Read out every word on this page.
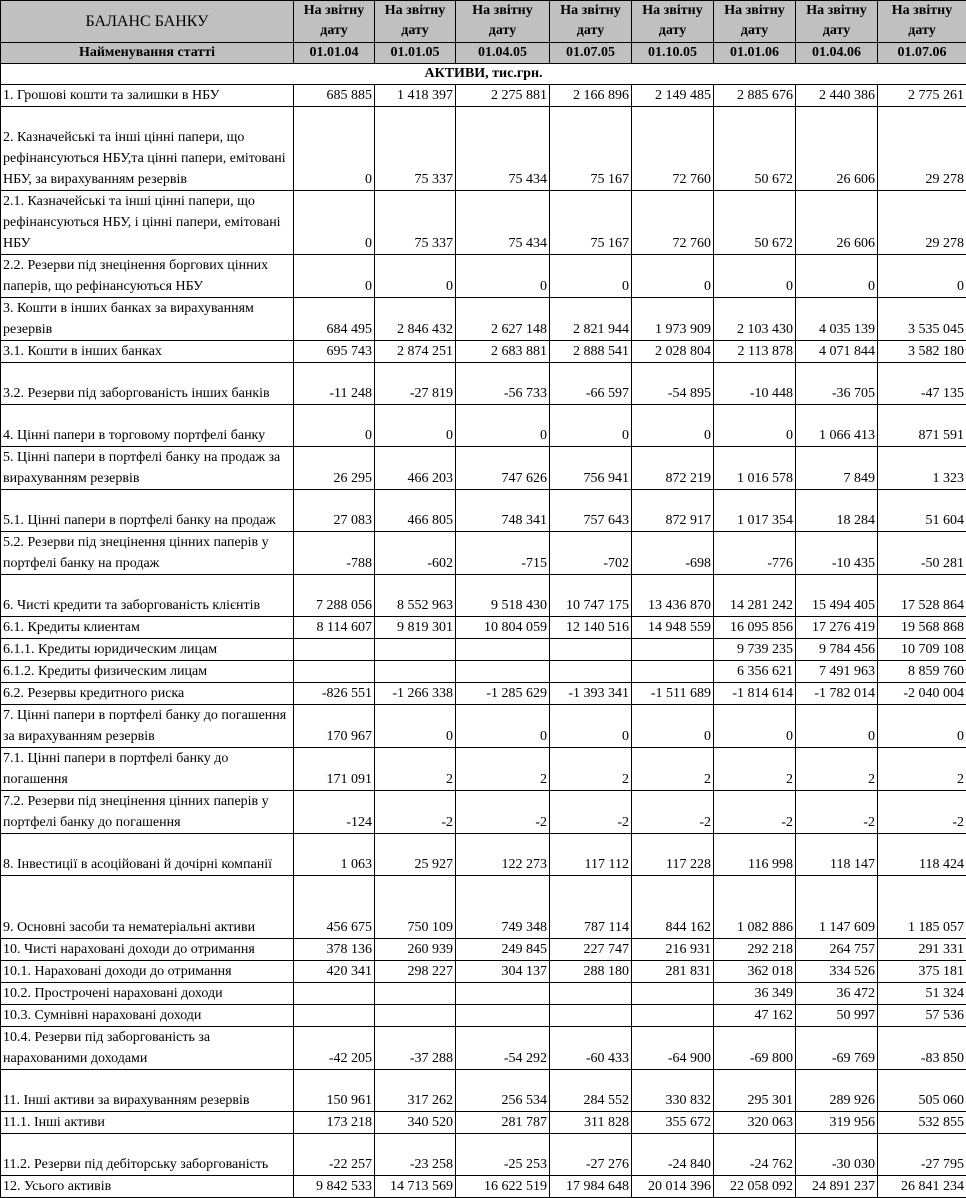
БАЛАНС БАНКУ	На звітну дату	На звітну дату	На звітну дату	На звітну дату	На звітну дату	На звітну дату	На звітну дату	На звітну дату
Найменування статті	01.01.04	01.01.05	01.04.05	01.07.05	01.10.05	01.01.06	01.04.06	01.07.06
АКТИВИ, тис.грн.								
1. Грошові кошти та залишки в НБУ	685 885	1 418 397	2 275 881	2 166 896	2 149 485	2 885 676	2 440 386	2 775 261
2. Казначейські та інші цінні папери, що рефінансуються НБУ,та цінні папери, емітовані НБУ, за вирахуванням резервів	0	75 337	75 434	75 167	72 760	50 672	26 606	29 278
2.1. Казначейські та інші цінні папери, що рефінансуються НБУ, і цінні папери, емітовані НБУ	0	75 337	75 434	75 167	72 760	50 672	26 606	29 278
2.2. Резерви під знецінення боргових цінних паперів, що рефінансуються НБУ	0	0	0	0	0	0	0	0
3. Кошти в інших банках за вирахуванням резервів	684 495	2 846 432	2 627 148	2 821 944	1 973 909	2 103 430	4 035 139	3 535 045
3.1. Кошти в інших банках	695 743	2 874 251	2 683 881	2 888 541	2 028 804	2 113 878	4 071 844	3 582 180
3.2. Резерви під заборгованість інших банків	-11 248	-27 819	-56 733	-66 597	-54 895	-10 448	-36 705	-47 135
4. Цінні папери в торговому портфелі банку	0	0	0	0	0	0	1 066 413	871 591
5. Цінні папери в портфелі банку на продаж за вирахуванням резервів	26 295	466 203	747 626	756 941	872 219	1 016 578	7 849	1 323
5.1. Цінні папери в портфелі банку на продаж	27 083	466 805	748 341	757 643	872 917	1 017 354	18 284	51 604
5.2. Резерви під знецінення цінних паперів у портфелі банку на продаж	-788	-602	-715	-702	-698	-776	-10 435	-50 281
6. Чисті кредити та заборгованість клієнтів	7 288 056	8 552 963	9 518 430	10 747 175	13 436 870	14 281 242	15 494 405	17 528 864
6.1. Кредиты клиентам	8 114 607	9 819 301	10 804 059	12 140 516	14 948 559	16 095 856	17 276 419	19 568 868
6.1.1. Кредиты юридическим лицам						9 739 235	9 784 456	10 709 108
6.1.2. Кредиты физическим лицам						6 356 621	7 491 963	8 859 760
6.2. Резервы кредитного риска	-826 551	-1 266 338	-1 285 629	-1 393 341	-1 511 689	-1 814 614	-1 782 014	-2 040 004
7. Цінні папери в портфелі банку до погашення за вирахуванням резервів	170 967	0	0	0	0	0	0	0
7.1. Цінні папери в портфелі банку до погашення	171 091	2	2	2	2	2	2	2
7.2. Резерви під знецінення цінних паперів у портфелі банку до погашення	-124	-2	-2	-2	-2	-2	-2	-2
8. Інвестиції в асоційовані й дочірні компанії	1 063	25 927	122 273	117 112	117 228	116 998	118 147	118 424
9. Основні засоби та нематеріальні активи	456 675	750 109	749 348	787 114	844 162	1 082 886	1 147 609	1 185 057
10. Чисті нараховані доходи до отримання	378 136	260 939	249 845	227 747	216 931	292 218	264 757	291 331
10.1. Нараховані доходи до отримання	420 341	298 227	304 137	288 180	281 831	362 018	334 526	375 181
10.2. Прострочені нараховані доходи						36 349	36 472	51 324
10.3. Сумнівні нараховані доходи						47 162	50 997	57 536
10.4. Резерви під заборгованість за нарахованими доходами	-42 205	-37 288	-54 292	-60 433	-64 900	-69 800	-69 769	-83 850
11. Інші активи за вирахуванням резервів	150 961	317 262	256 534	284 552	330 832	295 301	289 926	505 060
11.1. Інші активи	173 218	340 520	281 787	311 828	355 672	320 063	319 956	532 855
11.2. Резерви під дебіторську заборгованість	-22 257	-23 258	-25 253	-27 276	-24 840	-24 762	-30 030	-27 795
12. Усього активів	9 842 533	14 713 569	16 622 519	17 984 648	20 014 396	22 058 092	24 891 237	26 841 234
